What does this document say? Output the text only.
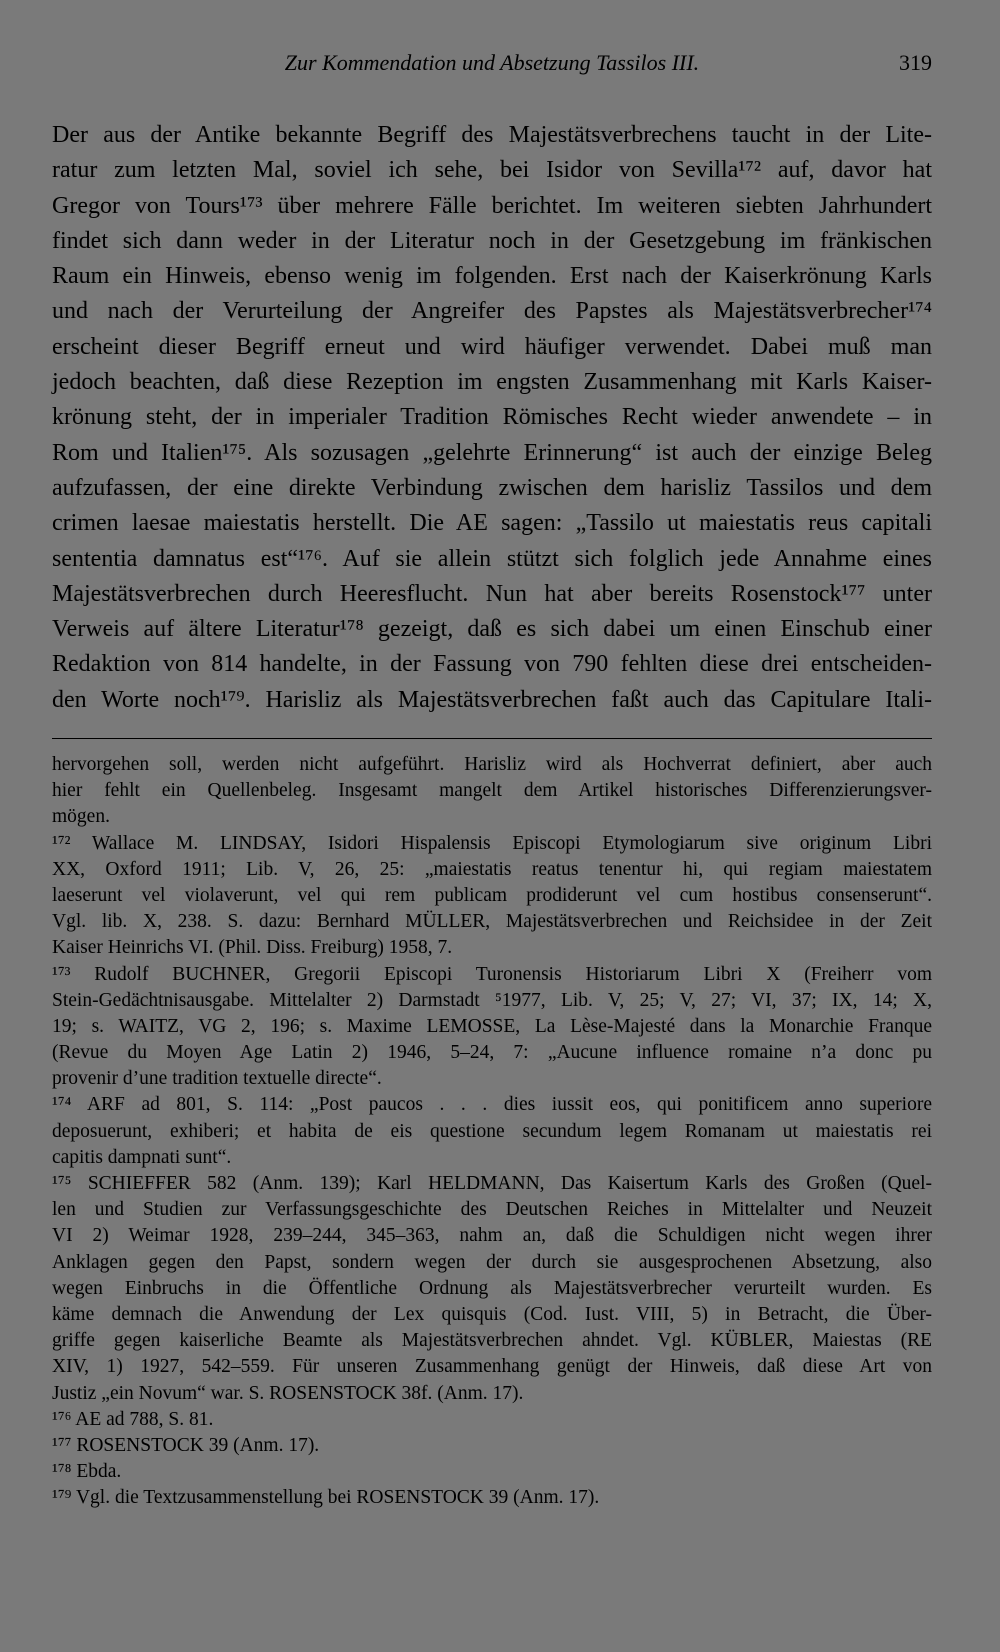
Zur Kommendation und Absetzung Tassilos III.	319
Der aus der Antike bekannte Begriff des Majestätsverbrechens taucht in der Lite-
ratur zum letzten Mal, soviel ich sehe, bei Isidor von Sevilla¹⁷² auf, davor hat
Gregor von Tours¹⁷³ über mehrere Fälle berichtet. Im weiteren siebten Jahrhundert
findet sich dann weder in der Literatur noch in der Gesetzgebung im fränkischen
Raum ein Hinweis, ebenso wenig im folgenden. Erst nach der Kaiserkrönung Karls
und nach der Verurteilung der Angreifer des Papstes als Majestätsverbrecher¹⁷⁴
erscheint dieser Begriff erneut und wird häufiger verwendet. Dabei muß man
jedoch beachten, daß diese Rezeption im engsten Zusammenhang mit Karls Kaiser-
krönung steht, der in imperialer Tradition Römisches Recht wieder anwendete – in
Rom und Italien¹⁷⁵. Als sozusagen „gelehrte Erinnerung“ ist auch der einzige Beleg
aufzufassen, der eine direkte Verbindung zwischen dem harisliz Tassilos und dem
crimen laesae maiestatis herstellt. Die AE sagen: „Tassilo ut maiestatis reus capitali
sententia damnatus est“¹⁷⁶. Auf sie allein stützt sich folglich jede Annahme eines
Majestätsverbrechen durch Heeresflucht. Nun hat aber bereits Rosenstock¹⁷⁷ unter
Verweis auf ältere Literatur¹⁷⁸ gezeigt, daß es sich dabei um einen Einschub einer
Redaktion von 814 handelte, in der Fassung von 790 fehlten diese drei entscheiden-
den Worte noch¹⁷⁹. Harisliz als Majestätsverbrechen faßt auch das Capitulare Itali-
hervorgehen soll, werden nicht aufgeführt. Harisliz wird als Hochverrat definiert, aber auch
hier fehlt ein Quellenbeleg. Insgesamt mangelt dem Artikel historisches Differenzierungsver-
mögen.
¹⁷² Wallace M. LINDSAY, Isidori Hispalensis Episcopi Etymologiarum sive originum Libri
XX, Oxford 1911; Lib. V, 26, 25: „maiestatis reatus tenentur hi, qui regiam maiestatem
laeserunt vel violaverunt, vel qui rem publicam prodiderunt vel cum hostibus consenserunt“.
Vgl. lib. X, 238. S. dazu: Bernhard MÜLLER, Majestätsverbrechen und Reichsidee in der Zeit
Kaiser Heinrichs VI. (Phil. Diss. Freiburg) 1958, 7.
¹⁷³ Rudolf BUCHNER, Gregorii Episcopi Turonensis Historiarum Libri X (Freiherr vom
Stein-Gedächtnisausgabe. Mittelalter 2) Darmstadt ⁵1977, Lib. V, 25; V, 27; VI, 37; IX, 14; X,
19; s. WAITZ, VG 2, 196; s. Maxime LEMOSSE, La Lèse-Majesté dans la Monarchie Franque
(Revue du Moyen Age Latin 2) 1946, 5–24, 7: „Aucune influence romaine n’a donc pu
provenir d’une tradition textuelle directe“.
¹⁷⁴ ARF ad 801, S. 114: „Post paucos . . . dies iussit eos, qui ponitificem anno superiore
deposuerunt, exhiberi; et habita de eis questione secundum legem Romanam ut maiestatis rei
capitis dampnati sunt“.
¹⁷⁵ SCHIEFFER 582 (Anm. 139); Karl HELDMANN, Das Kaisertum Karls des Großen (Quel-
len und Studien zur Verfassungsgeschichte des Deutschen Reiches in Mittelalter und Neuzeit
VI 2) Weimar 1928, 239–244, 345–363, nahm an, daß die Schuldigen nicht wegen ihrer
Anklagen gegen den Papst, sondern wegen der durch sie ausgesprochenen Absetzung, also
wegen Einbruchs in die Öffentliche Ordnung als Majestätsverbrecher verurteilt wurden. Es
käme demnach die Anwendung der Lex quisquis (Cod. Iust. VIII, 5) in Betracht, die Über-
griffe gegen kaiserliche Beamte als Majestätsverbrechen ahndet. Vgl. KÜBLER, Maiestas (RE
XIV, 1) 1927, 542–559. Für unseren Zusammenhang genügt der Hinweis, daß diese Art von
Justiz „ein Novum“ war. S. ROSENSTOCK 38f. (Anm. 17).
¹⁷⁶ AE ad 788, S. 81.
¹⁷⁷ ROSENSTOCK 39 (Anm. 17).
¹⁷⁸ Ebda.
¹⁷⁹ Vgl. die Textzusammenstellung bei ROSENSTOCK 39 (Anm. 17).
